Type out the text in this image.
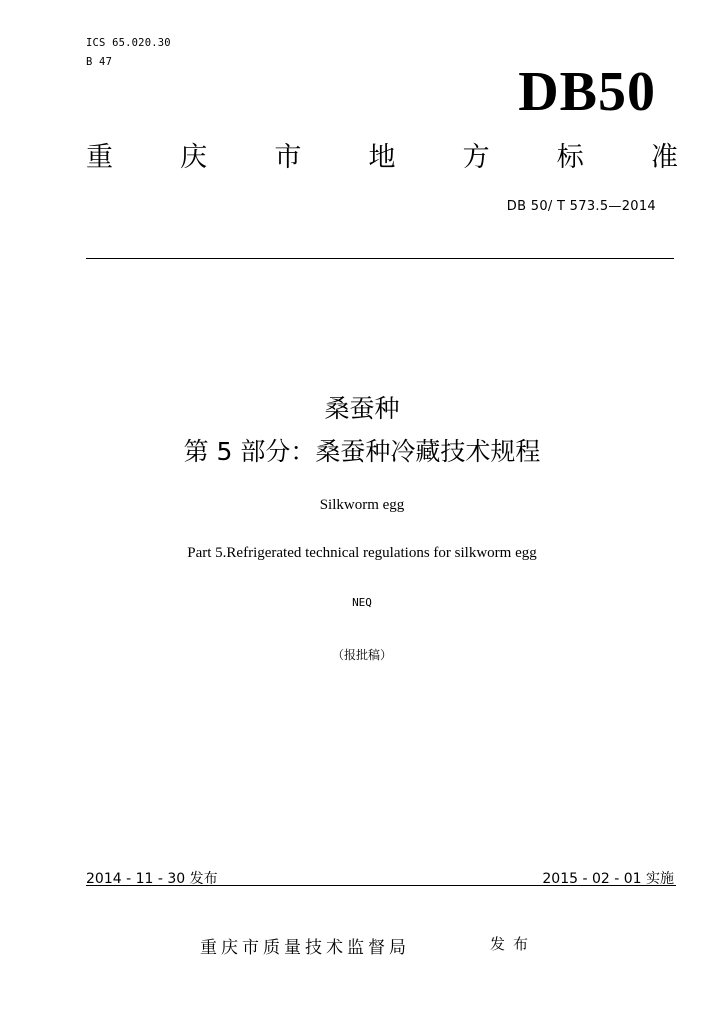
ICS 65.020.30
B 47	DB50
重 庆 市 地 方 标 准
DB 50/ T 573.5—2014
桑蚕种
第 5 部分：桑蚕种冷藏技术规程
Silkworm egg
Part 5.Refrigerated technical regulations for silkworm egg
NEQ
（报批稿）
2014 - 11 - 30 发布	2015 - 02 - 01 实施
重庆市质量技术监督局	发布
